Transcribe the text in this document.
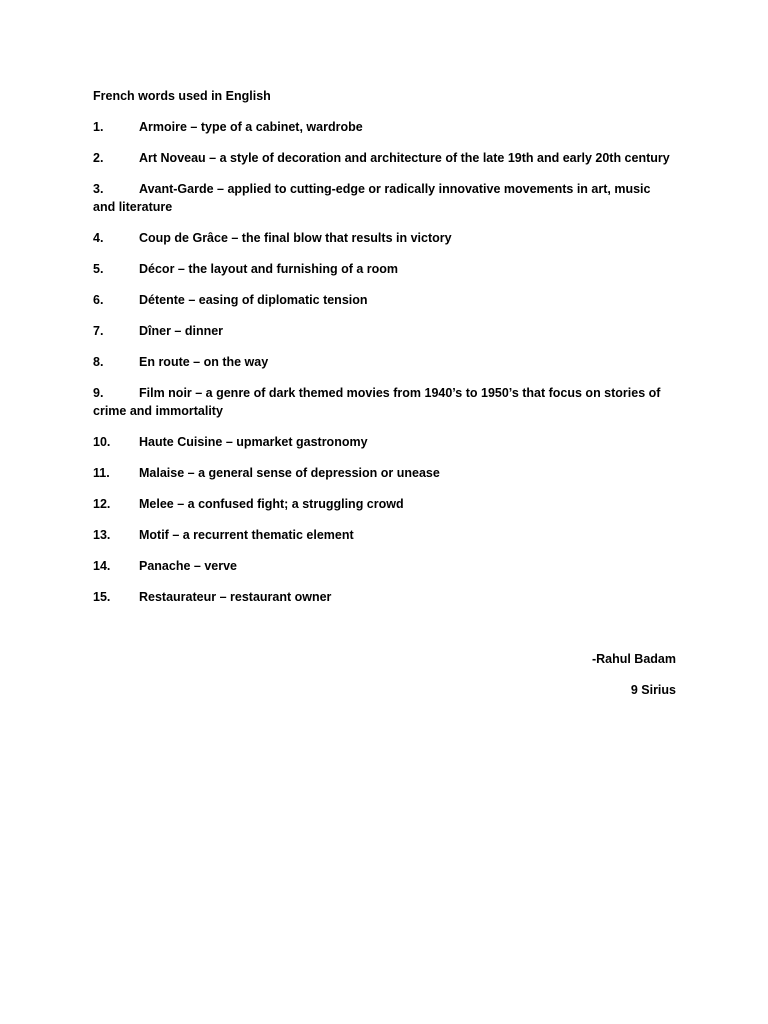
French words used in English
1.	Armoire – type of a cabinet, wardrobe
2.	Art Noveau – a style of decoration and architecture of the late 19th and early 20th century
3.	Avant-Garde – applied to cutting-edge or radically innovative movements in art, music and literature
4.	Coup de Grâce – the final blow that results in victory
5.	Décor – the layout and furnishing of a room
6.	Détente – easing of diplomatic tension
7.	Dîner – dinner
8.	En route – on the way
9.	Film noir – a genre of dark themed movies from 1940’s to 1950’s that focus on stories of crime and immortality
10. Haute Cuisine – upmarket gastronomy
11. Malaise – a general sense of depression or unease
12. Melee – a confused fight; a struggling crowd
13. Motif – a recurrent thematic element
14. Panache – verve
15. Restaurateur – restaurant owner
-Rahul Badam
9 Sirius
